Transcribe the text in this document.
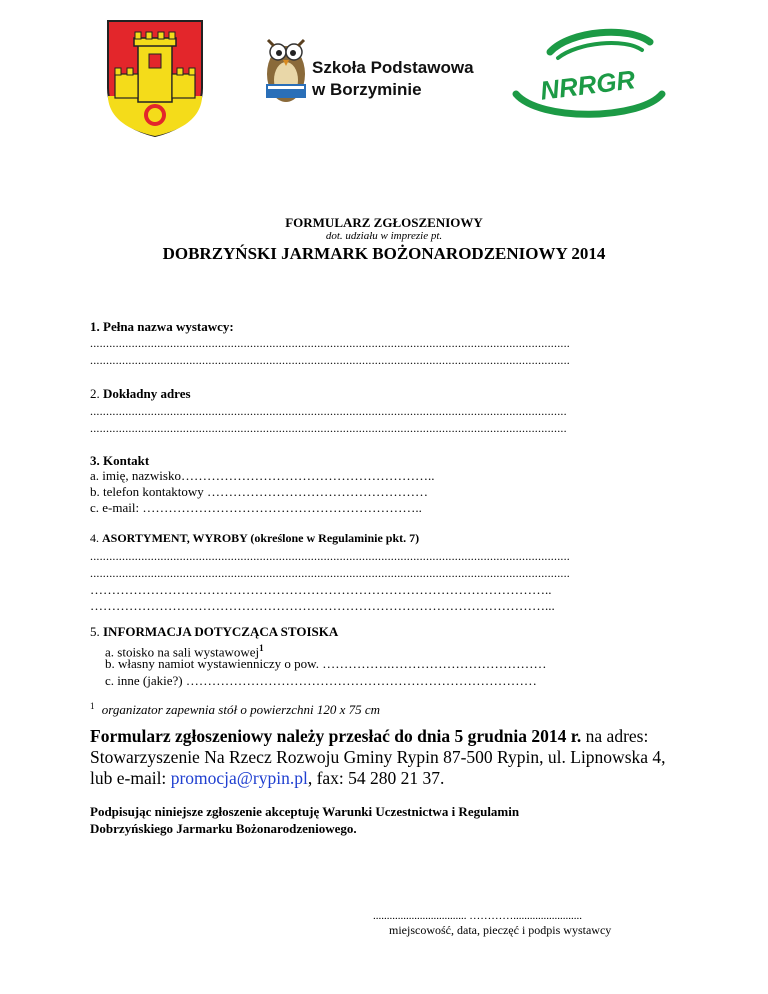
Szkoła Podstawowa
w Borzyminie	NRRGR
FORMULARZ ZGŁOSZENIOWY
dot. udziału w imprezie pt.
DOBRZYŃSKI JARMARK BOŻONARODZENIOWY 2014
1. Pełna nazwa wystawcy:
......................................................................................................................................................
......................................................................................................................................................
2. Dokładny adres
.....................................................................................................................................................
.....................................................................................................................................................
3. Kontakt
a. imię, nazwisko…………………………………………………..
b. telefon kontaktowy ……………………………………………
c. e-mail: ………………………………………………………..
4. ASORTYMENT, WYROBY (określone w Regulaminie pkt. 7)
......................................................................................................................................................
......................................................................................................................................................
……………………………………………………………………………………………..
……………………………………………………………………………………………...
5. INFORMACJA DOTYCZĄCA STOISKA
a. stoisko na sali wystawowej$^1$
b. własny namiot wystawienniczy o pow. …………….………………………………
c. inne (jakie?) ………………………………………………………………………
$^1$ organizator zapewnia stół o powierzchni 120 x 75 cm
Formularz zgłoszeniowy należy przesłać do dnia 5 grudnia 2014 r. na adres:
Stowarzyszenie Na Rzecz Rozwoju Gminy Rypin 87-500 Rypin, ul. Lipnowska 4,
lub e-mail: promocja@rypin.pl, fax: 54 280 21 37.
Podpisując niniejsze zgłoszenie akceptuję Warunki Uczestnictwa i Regulamin
Dobrzyńskiego Jarmarku Bożonarodzeniowego.
.................................. ………….........................
miejscowość, data, pieczęć i podpis wystawcy
